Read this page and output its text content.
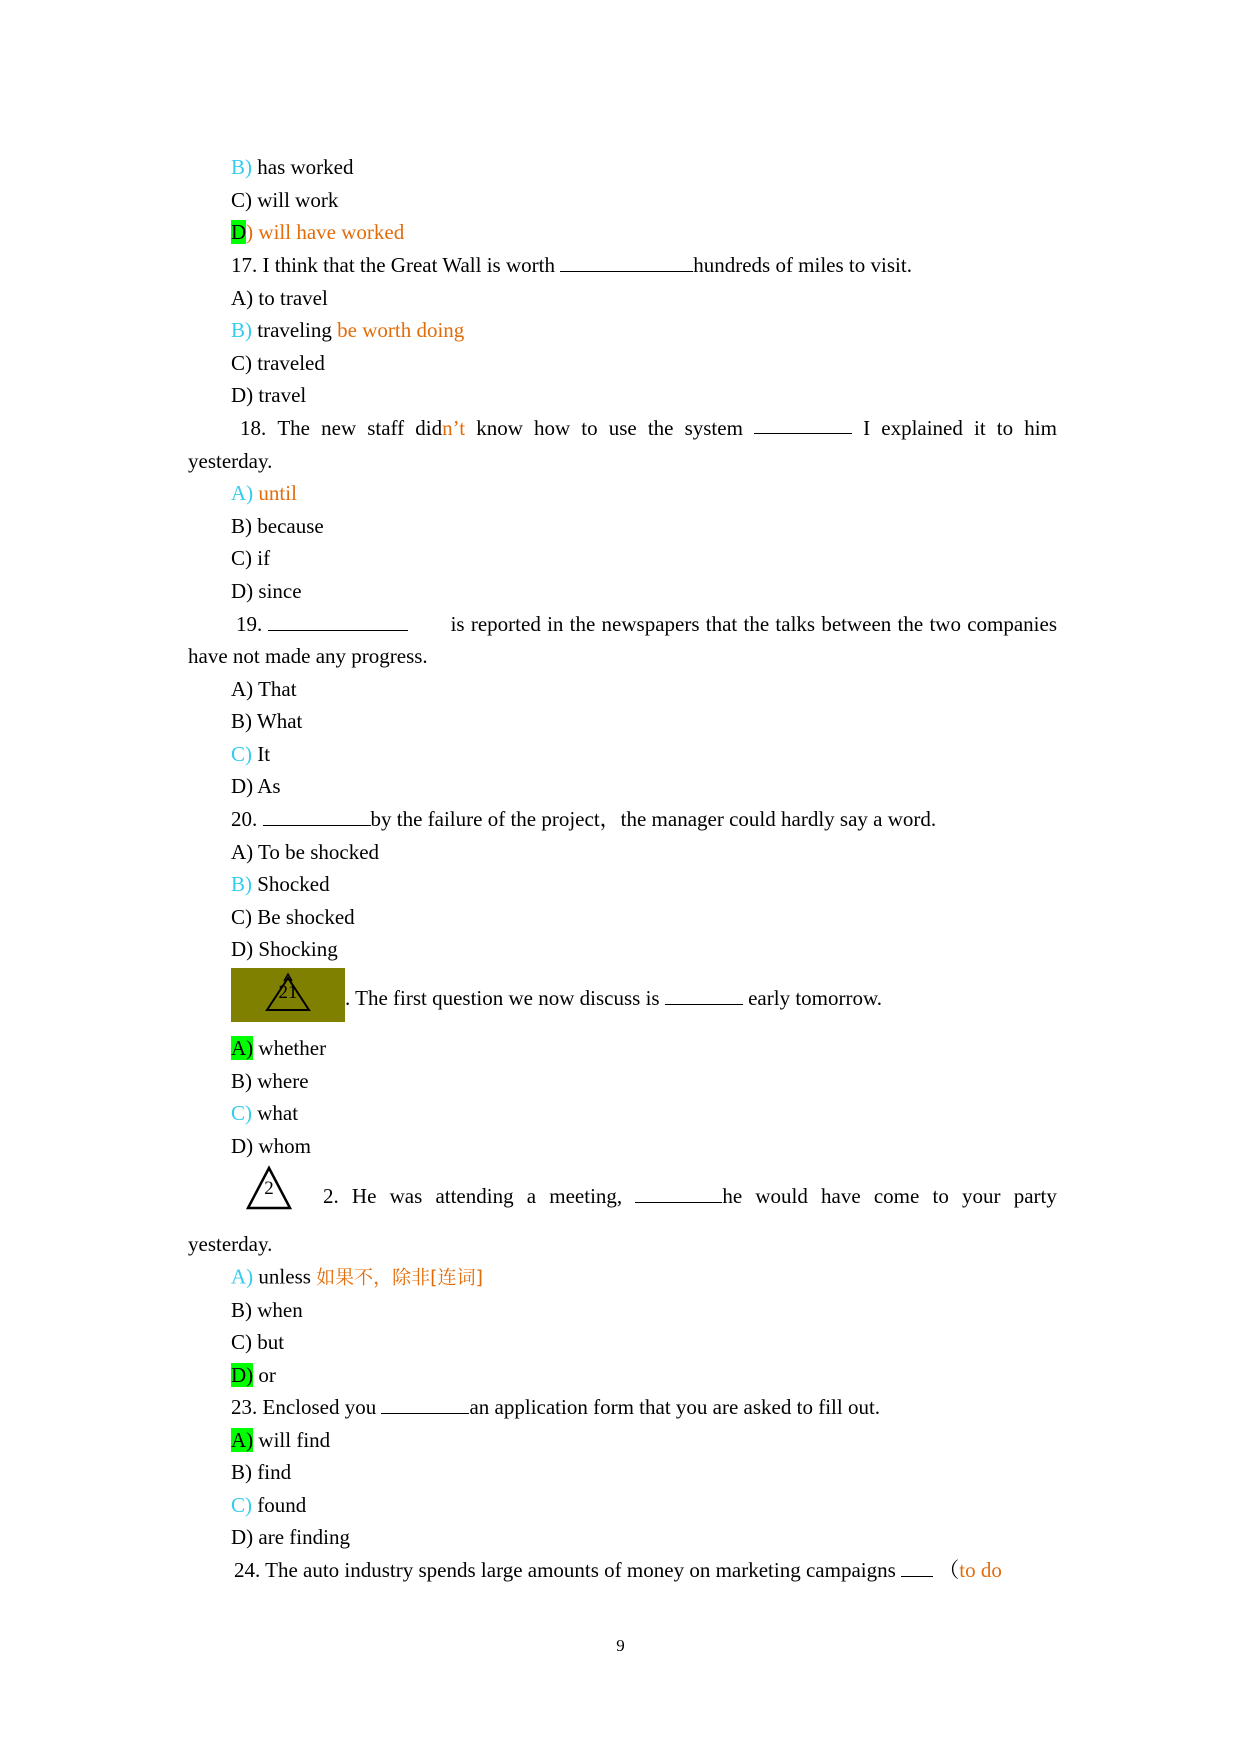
B) has worked
C) will work
D) will have worked
17. I think that the Great Wall is worth	hundreds of miles to visit.
A) to travel
B) traveling be worth doing
C) traveled
D) travel
18. The new staff didn’t know how to use the system	I explained it to him
yesterday.
A) until
B) because
C) if
D) since
19.	is reported in the newspapers that the talks between the two companies
have not made any progress.
A) That
B) What
C) It
D) As
20.	by the failure of the project，the manager could hardly say a word.
A) To be shocked
B) Shocked
C) Be shocked
D) Shocking
21 . The first question we now discuss is	early tomorrow.
A) whether
B) where
C) what
D) whom
2 2. He was attending a meeting,	he would have come to your party
yesterday.
A) unless 如果不，除非[连词]
B) when
C) but
D) or
23. Enclosed you	an application form that you are asked to fill out.
A) will find
B) find
C) found
D) are finding
24. The auto industry spends large amounts of money on marketing campaigns  （to do
9
